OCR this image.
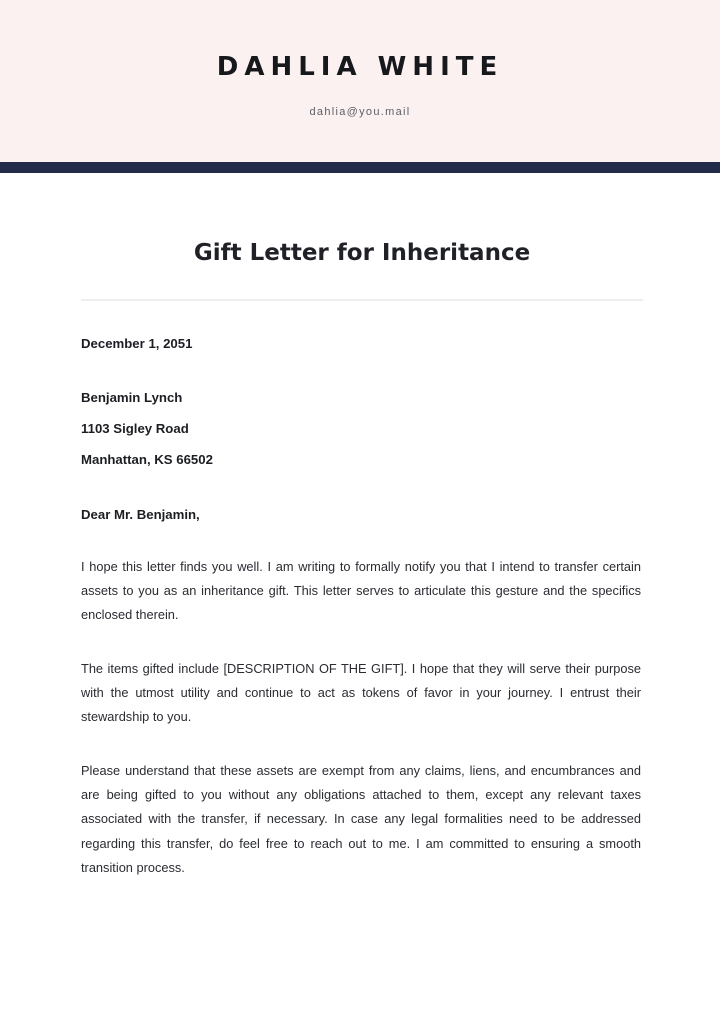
DAHLIA WHITE
dahlia@you.mail
Gift Letter for Inheritance
December 1, 2051
Benjamin Lynch
1103 Sigley Road
Manhattan, KS 66502
Dear Mr. Benjamin,

I hope this letter finds you well. I am writing to formally notify you that I intend to transfer certain assets to you as an inheritance gift. This letter serves to articulate this gesture and the specifics enclosed therein.

The items gifted include [DESCRIPTION OF THE GIFT]. I hope that they will serve their purpose with the utmost utility and continue to act as tokens of favor in your journey. I entrust their stewardship to you.

Please understand that these assets are exempt from any claims, liens, and encumbrances and are being gifted to you without any obligations attached to them, except any relevant taxes associated with the transfer, if necessary. In case any legal formalities need to be addressed regarding this transfer, do feel free to reach out to me. I am committed to ensuring a smooth transition process.
